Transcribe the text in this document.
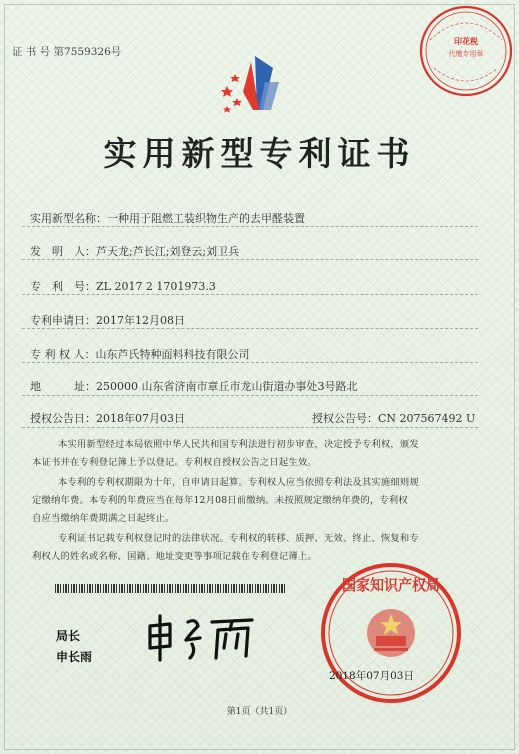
证 书 号 第7559326号
印花税
代缴专用章
实用新型专利证书
实用新型名称：一种用于阻燃工装织物生产的去甲醛装置
发　明　人：芦天龙;芦长江;刘登云;刘卫兵
专　利　号：ZL 2017 2 1701973.3
专利申请日：2017年12月08日
专 利 权 人：山东芦氏特种面料科技有限公司
地　　　址：250000 山东省济南市章丘市龙山街道办事处3号路北
授权公告日：2018年07月03日	授权公告号：CN 207567492 U
本实用新型经过本局依照中华人民共和国专利法进行初步审查，决定授予专利权，颁发
本证书并在专利登记簿上予以登记。专利权自授权公告之日起生效。
本专利的专利权期限为十年，自申请日起算。专利权人应当依照专利法及其实施细则规
定缴纳年费。本专利的年费应当在每年12月08日前缴纳。未按照规定缴纳年费的，专利权
自应当缴纳年费期满之日起终止。
专利证书记载专利权登记时的法律状况。专利权的转移、质押、无效、终止、恢复和专
利权人的姓名或名称、国籍、地址变更等事项记载在专利登记簿上。
局长
申长雨
国家知识产权局
2018年07月03日
第1页（共1页）
